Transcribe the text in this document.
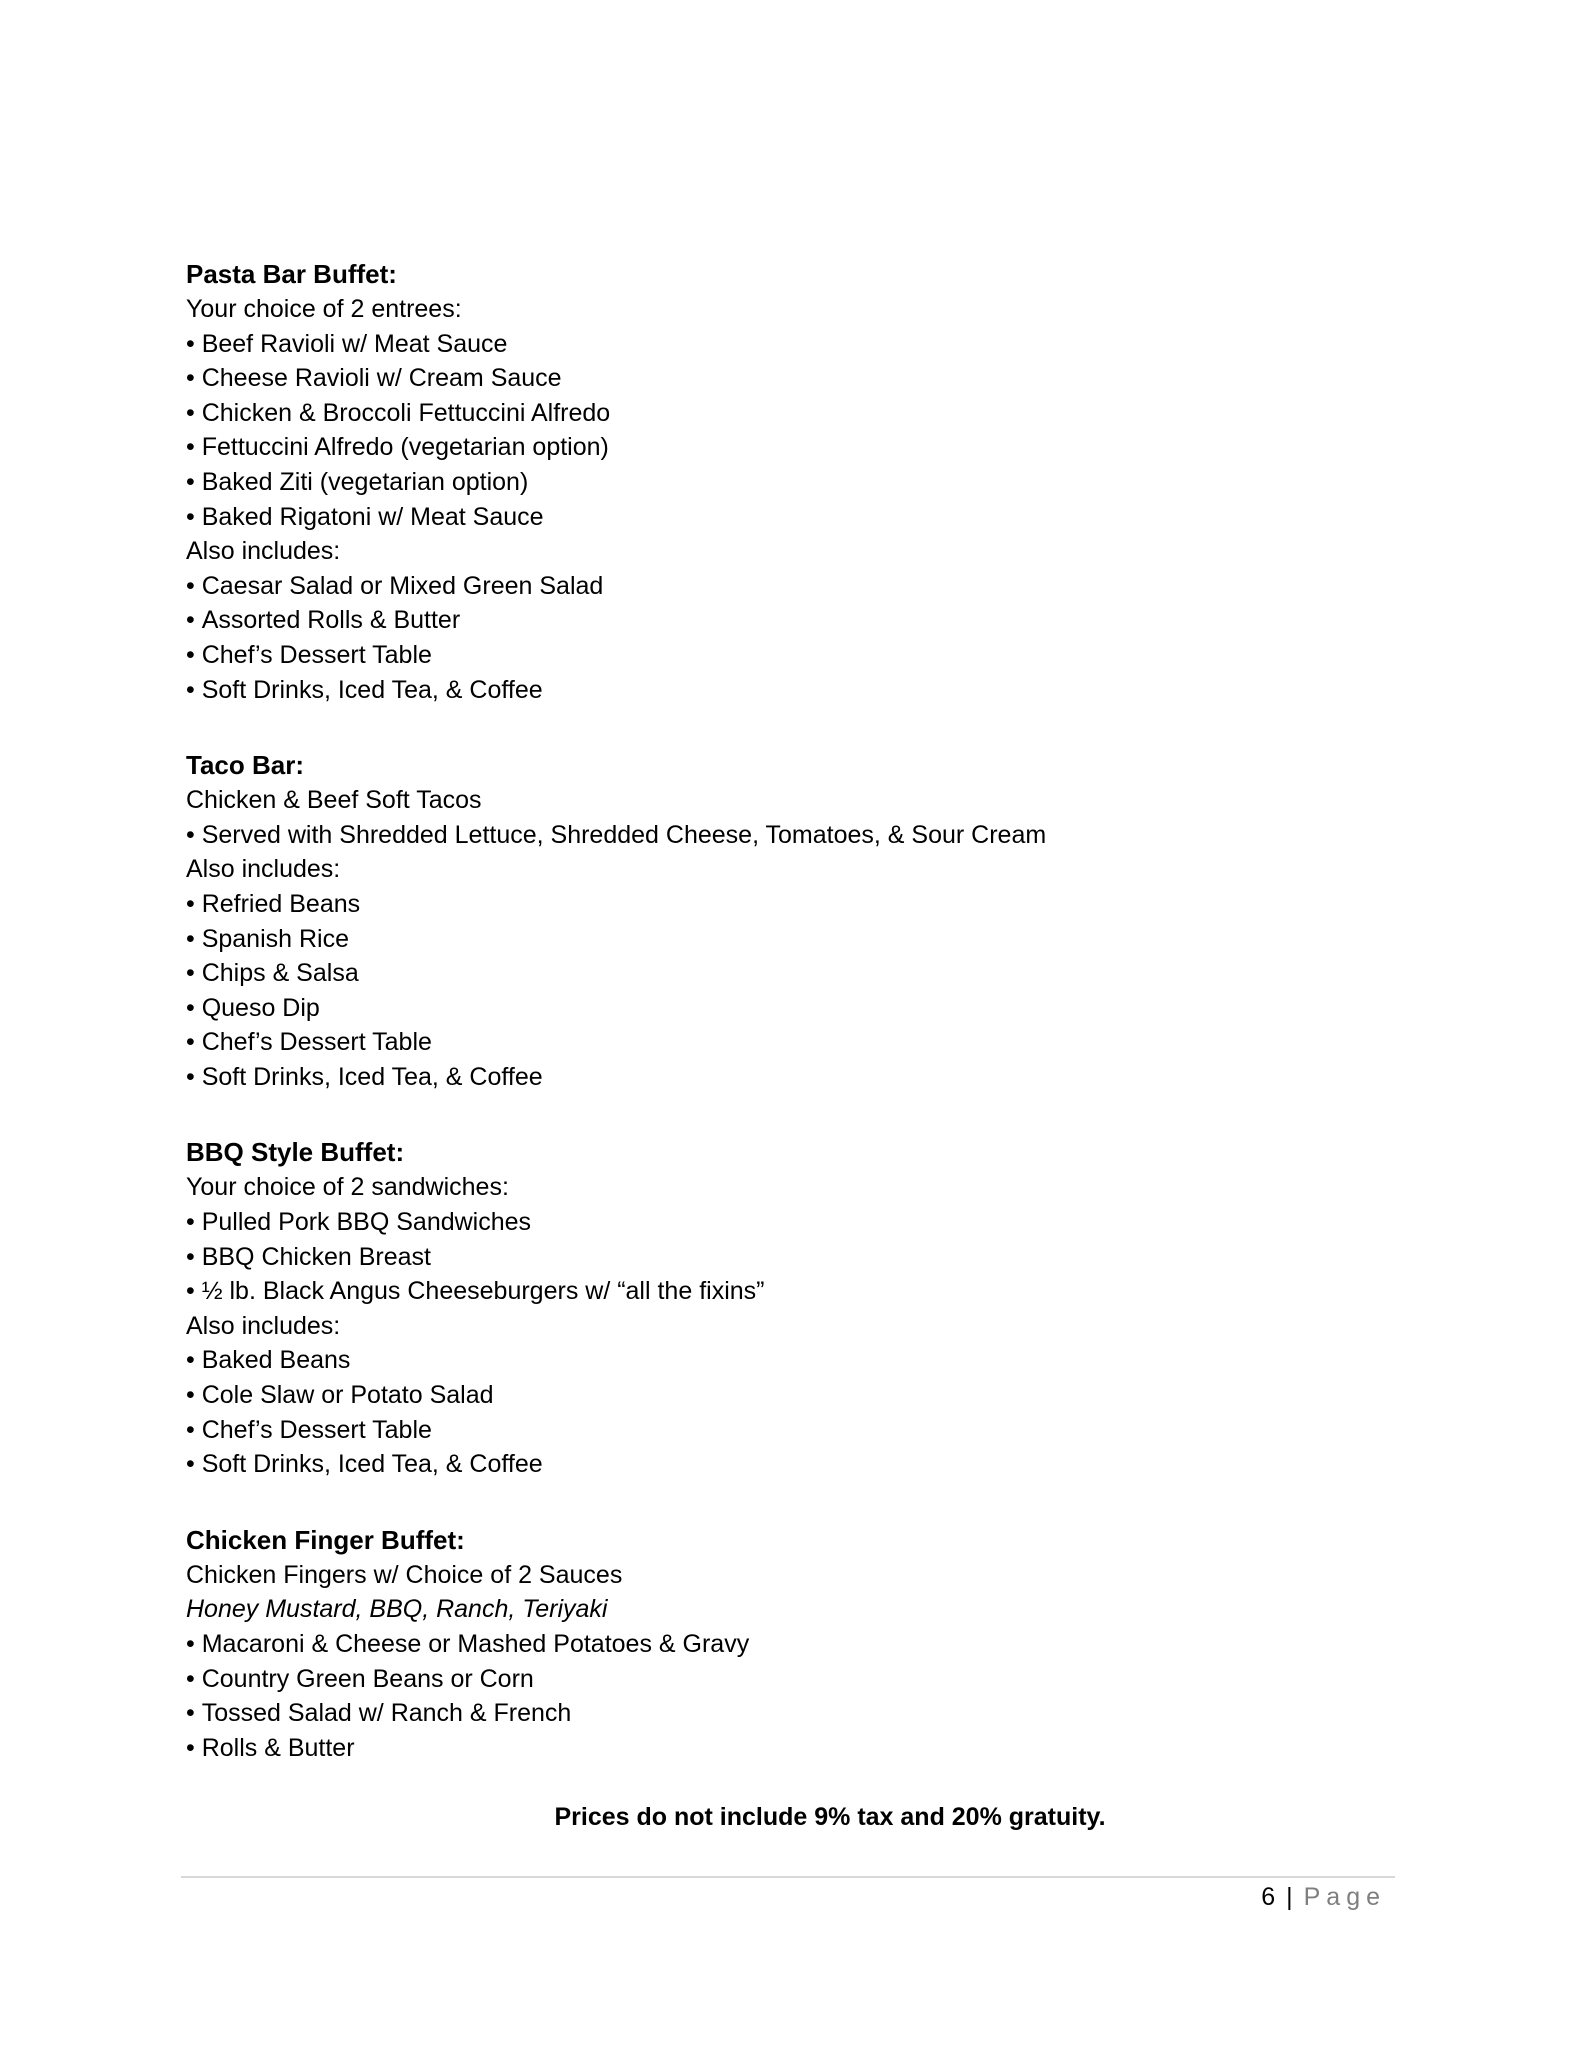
Pasta Bar Buffet:
Your choice of 2 entrees:
• Beef Ravioli w/ Meat Sauce
• Cheese Ravioli w/ Cream Sauce
• Chicken & Broccoli Fettuccini Alfredo
• Fettuccini Alfredo (vegetarian option)
• Baked Ziti (vegetarian option)
• Baked Rigatoni w/ Meat Sauce
Also includes:
• Caesar Salad or Mixed Green Salad
• Assorted Rolls & Butter
• Chef’s Dessert Table
• Soft Drinks, Iced Tea, & Coffee
Taco Bar:
Chicken & Beef Soft Tacos
• Served with Shredded Lettuce, Shredded Cheese, Tomatoes, & Sour Cream
Also includes:
• Refried Beans
• Spanish Rice
• Chips & Salsa
• Queso Dip
• Chef’s Dessert Table
• Soft Drinks, Iced Tea, & Coffee
BBQ Style Buffet:
Your choice of 2 sandwiches:
• Pulled Pork BBQ Sandwiches
• BBQ Chicken Breast
• ½ lb. Black Angus Cheeseburgers w/ “all the fixins”
Also includes:
• Baked Beans
• Cole Slaw or Potato Salad
• Chef’s Dessert Table
• Soft Drinks, Iced Tea, & Coffee
Chicken Finger Buffet:
Chicken Fingers w/ Choice of 2 Sauces
Honey Mustard, BBQ, Ranch, Teriyaki
• Macaroni & Cheese or Mashed Potatoes & Gravy
• Country Green Beans or Corn
• Tossed Salad w/ Ranch & French
• Rolls & Butter
Prices do not include 9% tax and 20% gratuity.
6 | Page
